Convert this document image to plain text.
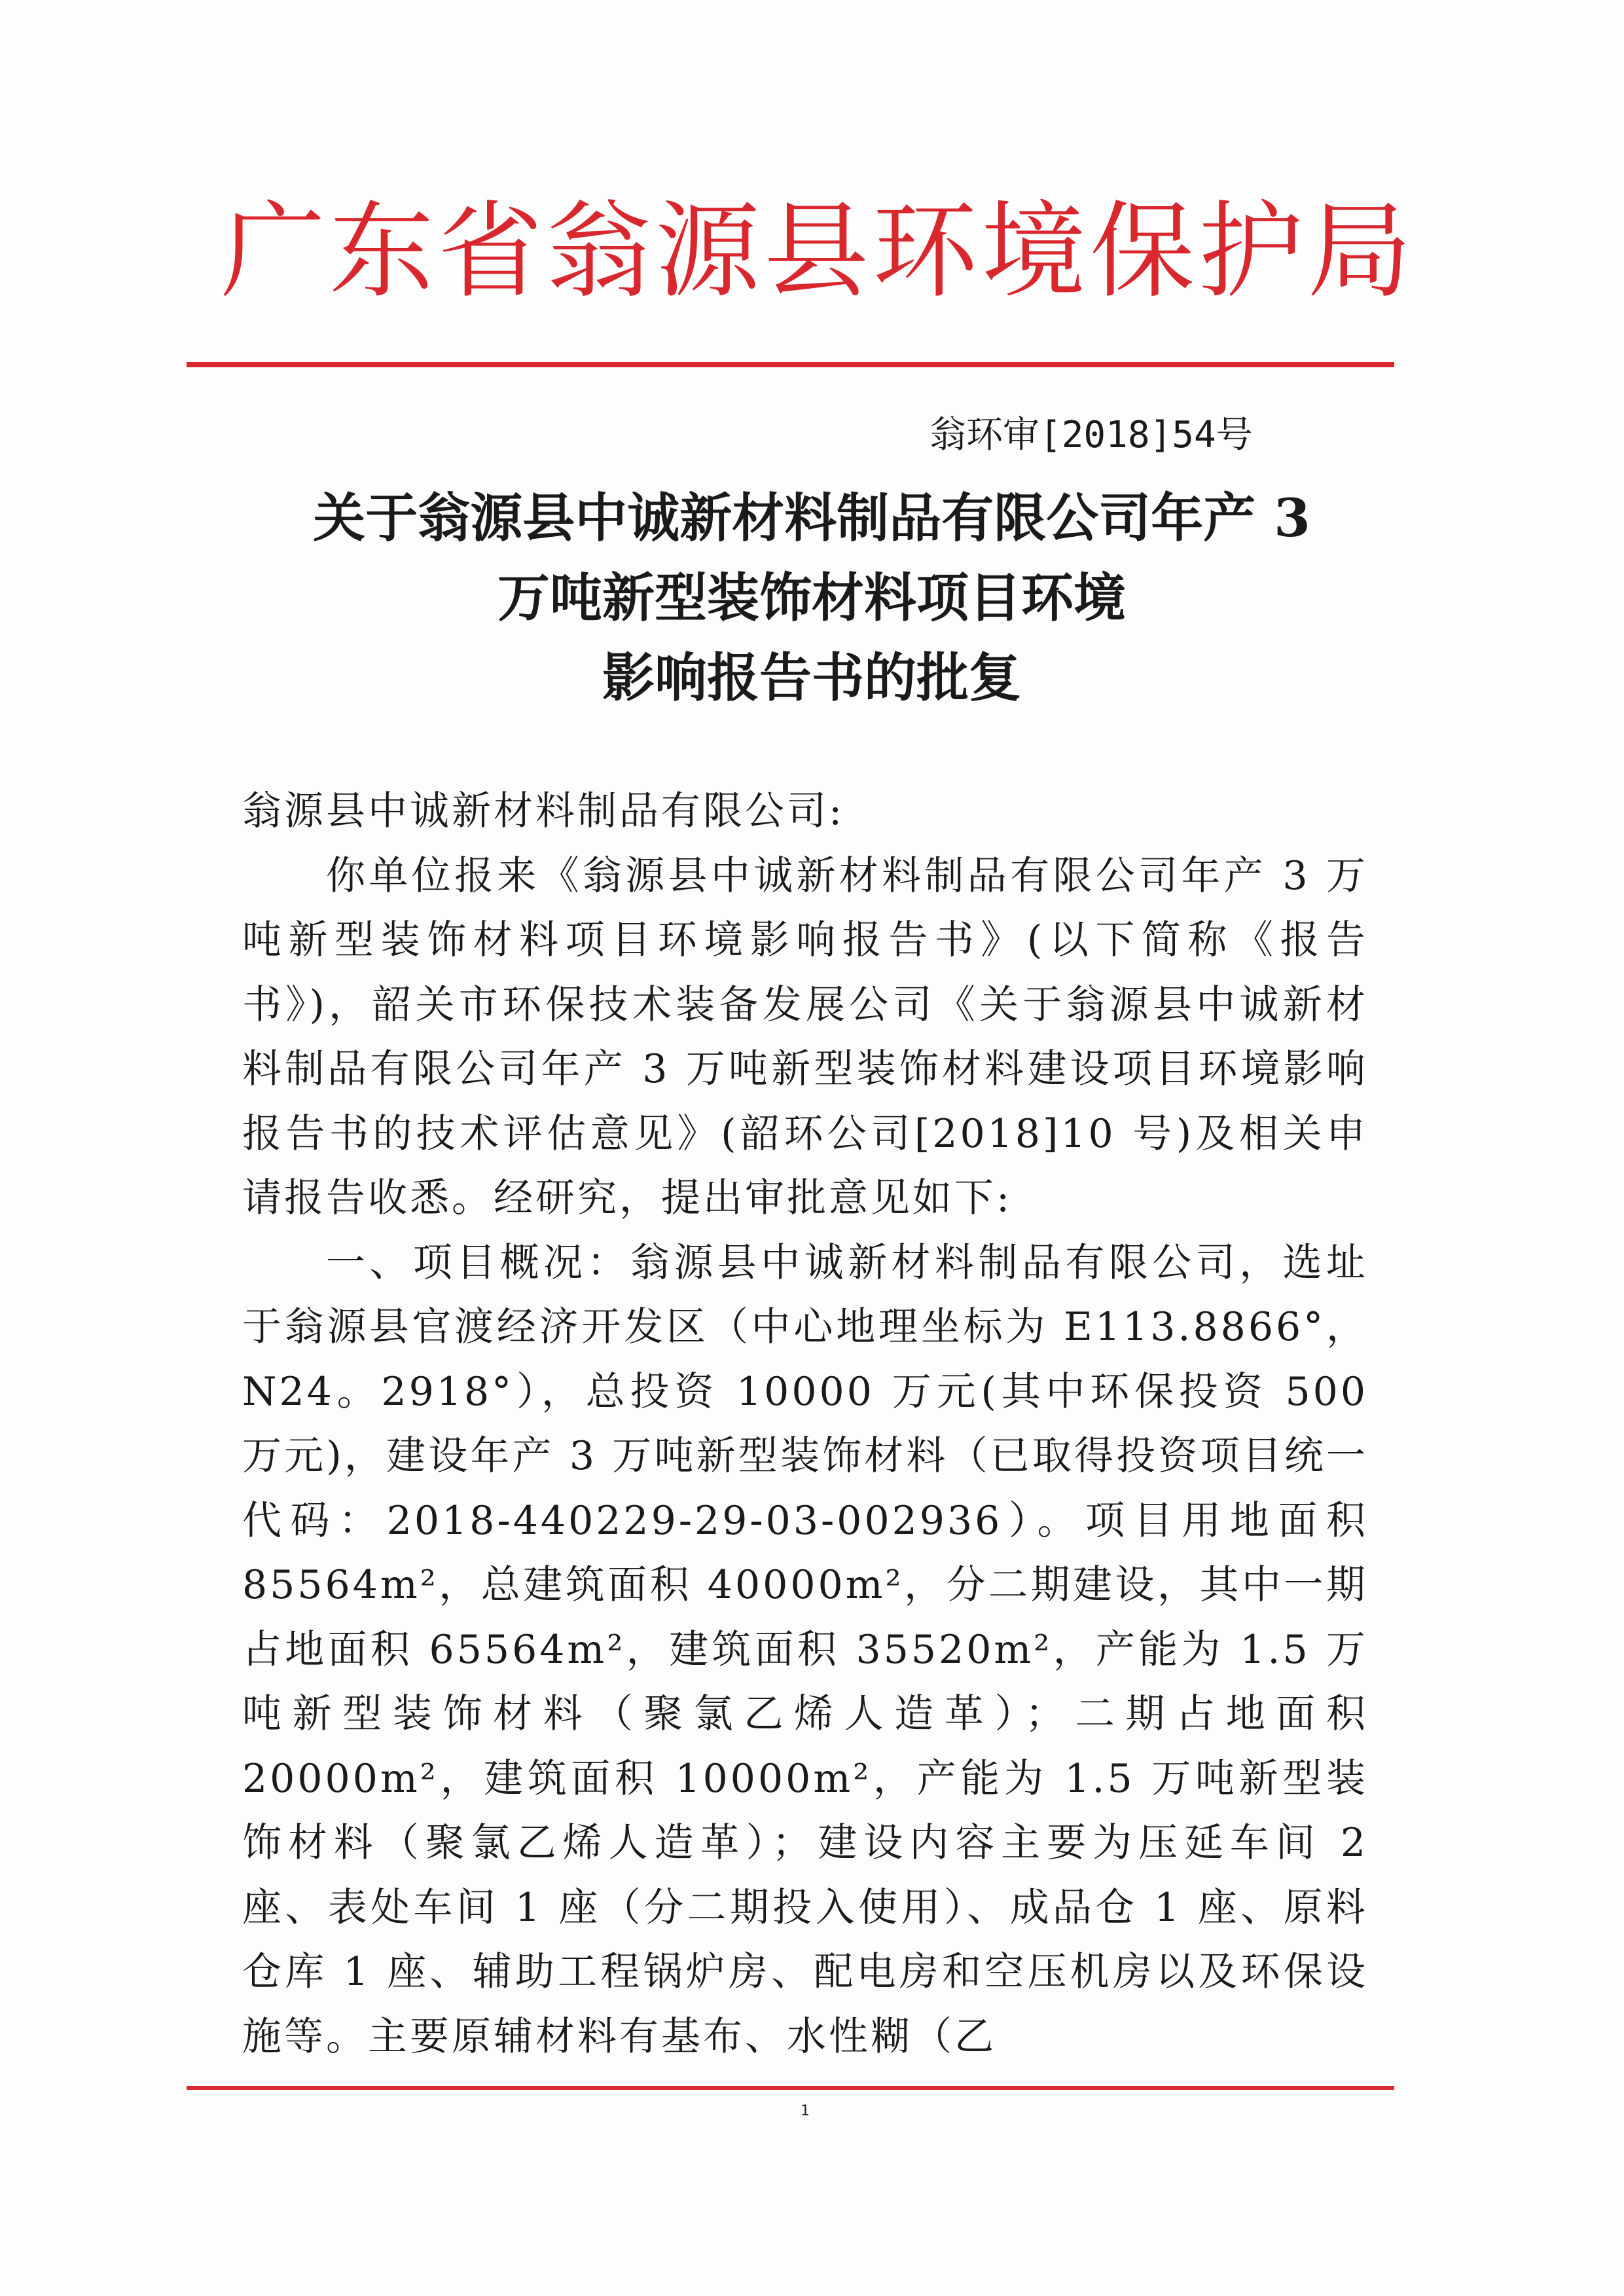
广东省翁源县环境保护局
翁环审[2018]54号
关于翁源县中诚新材料制品有限公司年产 3
万吨新型装饰材料项目环境
影响报告书的批复
翁源县中诚新材料制品有限公司:
你单位报来《翁源县中诚新材料制品有限公司年产 3 万吨新型装饰材料项目环境影响报告书》(以下简称《报告书》)，韶关市环保技术装备发展公司《关于翁源县中诚新材料制品有限公司年产 3 万吨新型装饰材料建设项目环境影响报告书的技术评估意见》(韶环公司[2018]10 号)及相关申请报告收悉。经研究，提出审批意见如下:
一、项目概况：翁源县中诚新材料制品有限公司，选址于翁源县官渡经济开发区（中心地理坐标为 E113.8866°，N24。2918°），总投资 10000 万元(其中环保投资 500 万元)，建设年产 3 万吨新型装饰材料（已取得投资项目统一代码：2018-440229-29-03-002936）。项目用地面积 85564m²，总建筑面积 40000m²，分二期建设，其中一期占地面积 65564m²，建筑面积 35520m²，产能为 1.5 万吨新型装饰材料（聚氯乙烯人造革）；二期占地面积 20000m²，建筑面积 10000m²，产能为 1.5 万吨新型装饰材料（聚氯乙烯人造革）；建设内容主要为压延车间 2 座、表处车间 1 座（分二期投入使用）、成品仓 1 座、原料仓库 1 座、辅助工程锅炉房、配电房和空压机房以及环保设施等。主要原辅材料有基布、水性糊（乙
1
